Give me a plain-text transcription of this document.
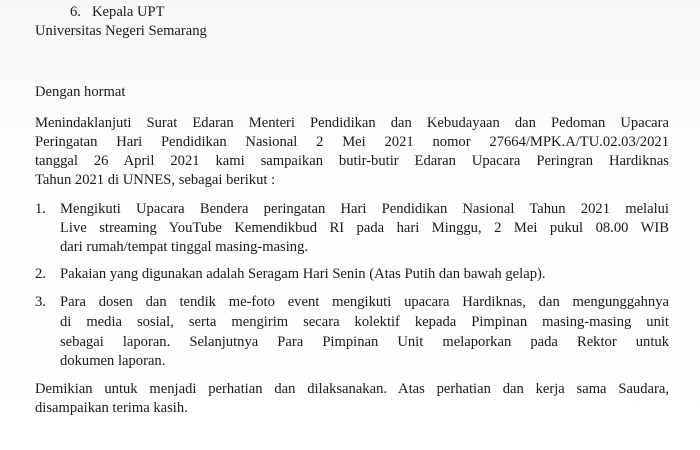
6. Kepala UPT
Universitas Negeri Semarang
Dengan hormat
Menindaklanjuti Surat Edaran Menteri Pendidikan dan Kebudayaan dan Pedoman Upacara
Peringatan Hari Pendidikan Nasional 2 Mei 2021 nomor 27664/MPK.A/TU.02.03/2021
tanggal 26 April 2021 kami sampaikan butir-butir Edaran Upacara Peringran Hardiknas
Tahun 2021 di UNNES, sebagai berikut :
1. Mengikuti Upacara Bendera peringatan Hari Pendidikan Nasional Tahun 2021 melalui
Live streaming YouTube Kemendikbud RI pada hari Minggu, 2 Mei pukul 08.00 WIB
dari rumah/tempat tinggal masing-masing.
2. Pakaian yang digunakan adalah Seragam Hari Senin (Atas Putih dan bawah gelap).
3. Para dosen dan tendik me-foto event mengikuti upacara Hardiknas, dan mengunggahnya
di media sosial, serta mengirim secara kolektif kepada Pimpinan masing-masing unit
sebagai laporan. Selanjutnya Para Pimpinan Unit melaporkan pada Rektor untuk
dokumen laporan.
Demikian untuk menjadi perhatian dan dilaksanakan. Atas perhatian dan kerja sama Saudara,
disampaikan terima kasih.
